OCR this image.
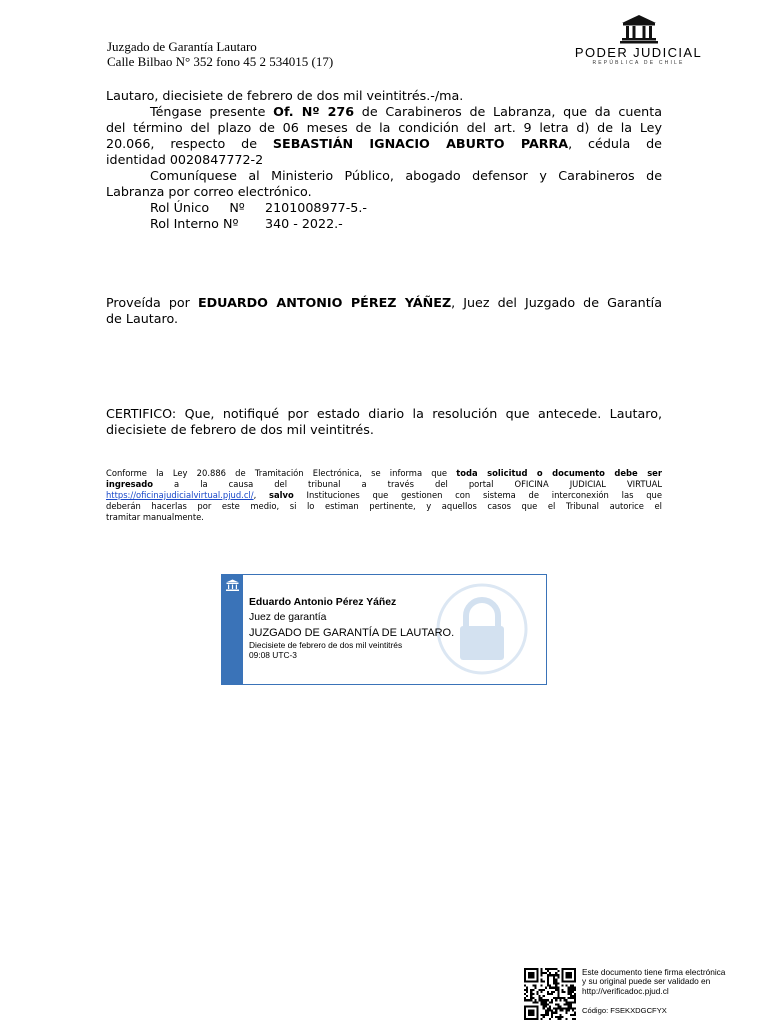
Juzgado de Garantía Lautaro
Calle Bilbao N° 352 fono 45 2 534015 (17)
PODER JUDICIAL
REPÚBLICA DE CHILE
Lautaro, diecisiete de febrero de dos mil veintitrés.-/ma.
Téngase presente Of. Nº 276 de Carabineros de Labranza, que da cuenta
del término del plazo de 06 meses de la condición del art. 9 letra d) de la Ley
20.066, respecto de SEBASTIÁN IGNACIO ABURTO PARRA, cédula de
identidad 0020847772-2
Comuníquese al Ministerio Público, abogado defensor y Carabineros de
Labranza por correo electrónico.
Rol Único     Nº 2101008977-5.-
Rol Interno Nº 340 - 2022.-
Proveída por EDUARDO ANTONIO PÉREZ YÁÑEZ, Juez del Juzgado de Garantía
de Lautaro.
CERTIFICO: Que, notifiqué por estado diario la resolución que antecede. Lautaro,
diecisiete de febrero de dos mil veintitrés.
Conforme la Ley 20.886 de Tramitación Electrónica, se informa que toda solicitud o documento debe ser
ingresado a la causa del tribunal a través del portal OFICINA JUDICIAL VIRTUAL
https://oficinajudicialvirtual.pjud.cl/, salvo Instituciones que gestionen con sistema de interconexión las que
deberán hacerlas por este medio, si lo estiman pertinente, y aquellos casos que el Tribunal autorice el
tramitar manualmente.
Eduardo Antonio Pérez Yáñez
Juez de garantía
JUZGADO DE GARANTÍA DE LAUTARO.
Diecisiete de febrero de dos mil veintitrés
09:08 UTC-3
Este documento tiene firma electrónica
y su original puede ser validado en
http://verificadoc.pjud.cl
Código: FSEKXDGCFYX
